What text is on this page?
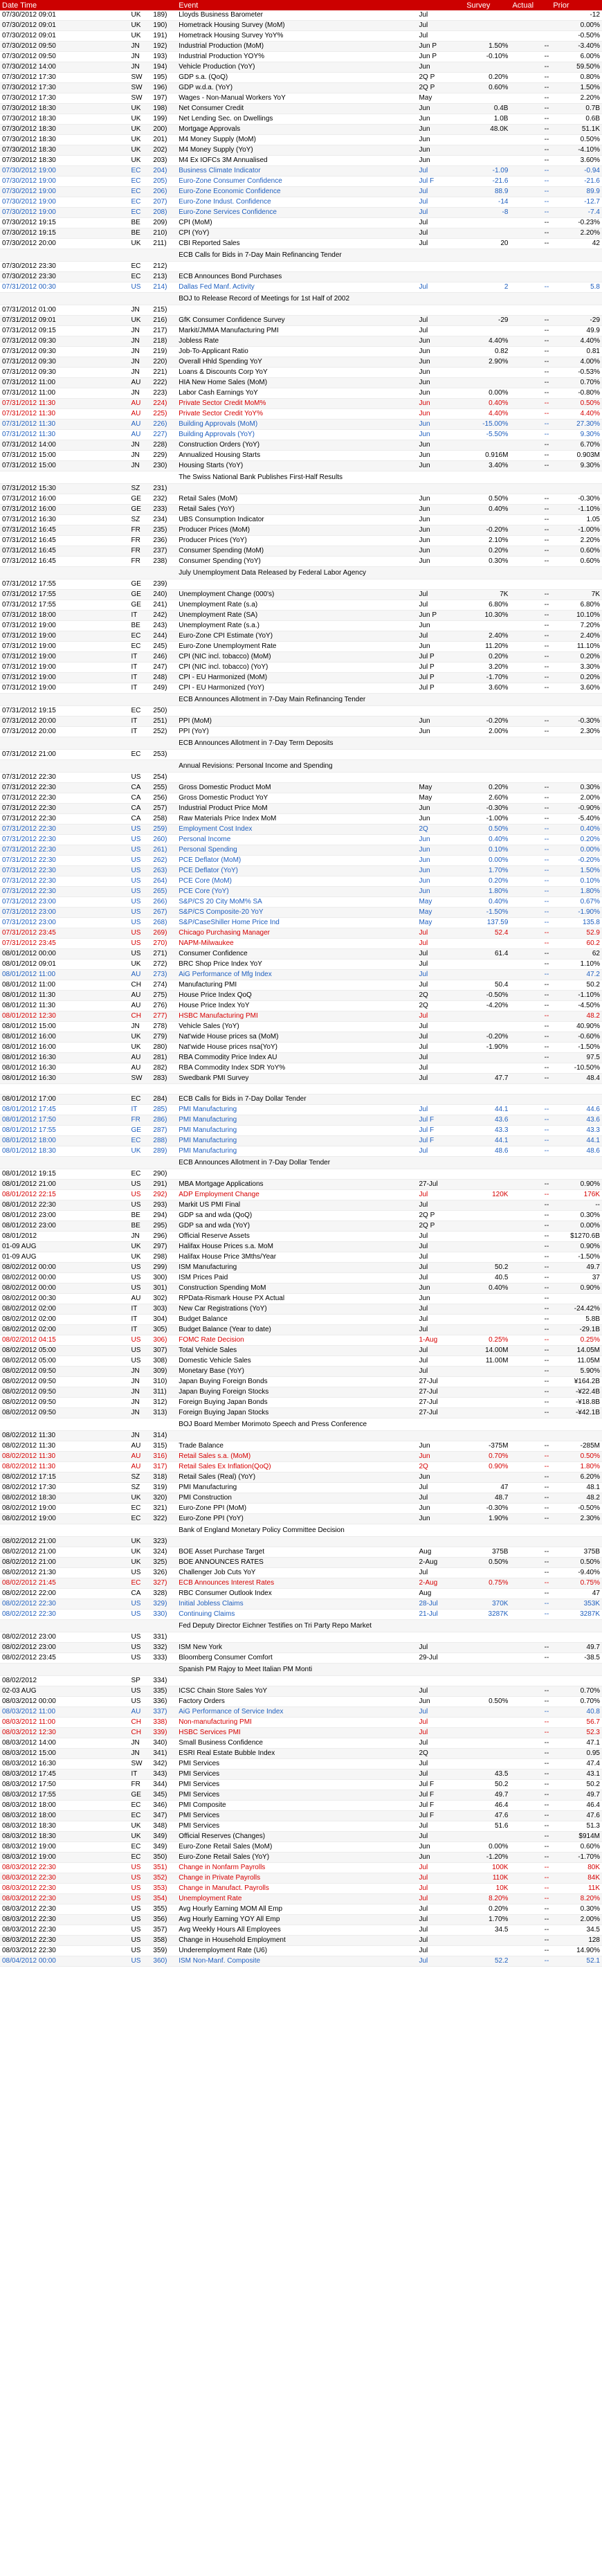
Date Time			Event		Survey	Actual	Prior
07/30/2012 09:01	UK	189)	Lloyds Business Barometer	Jul			-12
07/30/2012 09:01	UK	190)	Hometrack Housing Survey (MoM)	Jul			0.00%
07/30/2012 09:01	UK	191)	Hometrack Housing Survey YoY%	Jul			-0.50%
07/30/2012 09:50	JN	192)	Industrial Production (MoM)	Jun P	1.50%	--	-3.40%
07/30/2012 09:50	JN	193)	Industrial Production YOY%	Jun P	-0.10%	--	6.00%
07/30/2012 14:00	JN	194)	Vehicle Production (YoY)	Jun		--	59.50%
07/30/2012 17:30	SW	195)	GDP s.a. (QoQ)	2Q P	0.20%	--	0.80%
07/30/2012 17:30	SW	196)	GDP w.d.a. (YoY)	2Q P	0.60%	--	1.50%
07/30/2012 17:30	SW	197)	Wages - Non-Manual Workers YoY	May		--	2.20%
07/30/2012 18:30	UK	198)	Net Consumer Credit	Jun	0.4B	--	0.7B
07/30/2012 18:30	UK	199)	Net Lending Sec. on Dwellings	Jun	1.0B	--	0.6B
07/30/2012 18:30	UK	200)	Mortgage Approvals	Jun	48.0K	--	51.1K
07/30/2012 18:30	UK	201)	M4 Money Supply (MoM)	Jun		--	0.50%
07/30/2012 18:30	UK	202)	M4 Money Supply (YoY)	Jun		--	-4.10%
07/30/2012 18:30	UK	203)	M4 Ex IOFCs 3M Annualised	Jun		--	3.60%
07/30/2012 19:00	EC	204)	Business Climate Indicator	Jul	-1.09	--	-0.94
07/30/2012 19:00	EC	205)	Euro-Zone Consumer Confidence	Jul F	-21.6	--	-21.6
07/30/2012 19:00	EC	206)	Euro-Zone Economic Confidence	Jul	88.9	--	89.9
07/30/2012 19:00	EC	207)	Euro-Zone Indust. Confidence	Jul	-14	--	-12.7
07/30/2012 19:00	EC	208)	Euro-Zone Services Confidence	Jul	-8	--	-7.4
07/30/2012 19:15	BE	209)	CPI (MoM)	Jul		--	-0.23%
07/30/2012 19:15	BE	210)	CPI (YoY)	Jul		--	2.20%
07/30/2012 20:00	UK	211)	CBI Reported Sales	Jul	20	--	42
			ECB Calls for Bids in 7-Day Main Refinancing Tender				
07/30/2012 23:30	EC	212)					
07/30/2012 23:30	EC	213)	ECB Announces Bond Purchases				
07/31/2012 00:30	US	214)	Dallas Fed Manf. Activity	Jul	2	--	5.8
			BOJ to Release Record of Meetings for 1st Half of 2002				
07/31/2012 01:00	JN	215)					
07/31/2012 09:01	UK	216)	GfK Consumer Confidence Survey	Jul	-29	--	-29
07/31/2012 09:15	JN	217)	Markit/JMMA Manufacturing PMI	Jul		--	49.9
07/31/2012 09:30	JN	218)	Jobless Rate	Jun	4.40%	--	4.40%
07/31/2012 09:30	JN	219)	Job-To-Applicant Ratio	Jun	0.82	--	0.81
07/31/2012 09:30	JN	220)	Overall Hhld Spending YoY	Jun	2.90%	--	4.00%
07/31/2012 09:30	JN	221)	Loans & Discounts Corp YoY	Jun		--	-0.53%
07/31/2012 11:00	AU	222)	HIA New Home Sales (MoM)	Jun		--	0.70%
07/31/2012 11:00	JN	223)	Labor Cash Earnings YoY	Jun	0.00%	--	-0.80%
07/31/2012 11:30	AU	224)	Private Sector Credit MoM%	Jun	0.40%	--	0.50%
07/31/2012 11:30	AU	225)	Private Sector Credit YoY%	Jun	4.40%	--	4.40%
07/31/2012 11:30	AU	226)	Building Approvals (MoM)	Jun	-15.00%	--	27.30%
07/31/2012 11:30	AU	227)	Building Approvals (YoY)	Jun	-5.50%	--	9.30%
07/31/2012 14:00	JN	228)	Construction Orders (YoY)	Jun		--	6.70%
07/31/2012 15:00	JN	229)	Annualized Housing Starts	Jun	0.916M	--	0.903M
07/31/2012 15:00	JN	230)	Housing Starts (YoY)	Jun	3.40%	--	9.30%
			The Swiss National Bank Publishes First-Half Results				
07/31/2012 15:30	SZ	231)					
07/31/2012 16:00	GE	232)	Retail Sales (MoM)	Jun	0.50%	--	-0.30%
07/31/2012 16:00	GE	233)	Retail Sales (YoY)	Jun	0.40%	--	-1.10%
07/31/2012 16:30	SZ	234)	UBS Consumption Indicator	Jun		--	1.05
07/31/2012 16:45	FR	235)	Producer Prices (MoM)	Jun	-0.20%	--	-1.00%
07/31/2012 16:45	FR	236)	Producer Prices (YoY)	Jun	2.10%	--	2.20%
07/31/2012 16:45	FR	237)	Consumer Spending (MoM)	Jun	0.20%	--	0.60%
07/31/2012 16:45	FR	238)	Consumer Spending (YoY)	Jun	0.30%	--	0.60%
			July Unemployment Data Released by Federal Labor Agency				
07/31/2012 17:55	GE	239)					
07/31/2012 17:55	GE	240)	Unemployment Change (000's)	Jul	7K	--	7K
07/31/2012 17:55	GE	241)	Unemployment Rate (s.a)	Jul	6.80%	--	6.80%
07/31/2012 18:00	IT	242)	Unemployment Rate (SA)	Jun P	10.30%	--	10.10%
07/31/2012 19:00	BE	243)	Unemployment Rate (s.a.)	Jun		--	7.20%
07/31/2012 19:00	EC	244)	Euro-Zone CPI Estimate (YoY)	Jul	2.40%	--	2.40%
07/31/2012 19:00	EC	245)	Euro-Zone Unemployment Rate	Jun	11.20%	--	11.10%
07/31/2012 19:00	IT	246)	CPI (NIC incl. tobacco) (MoM)	Jul P	0.20%	--	0.20%
07/31/2012 19:00	IT	247)	CPI (NIC incl. tobacco) (YoY)	Jul P	3.20%	--	3.30%
07/31/2012 19:00	IT	248)	CPI - EU Harmonized (MoM)	Jul P	-1.70%	--	0.20%
07/31/2012 19:00	IT	249)	CPI - EU Harmonized (YoY)	Jul P	3.60%	--	3.60%
			ECB Announces Allotment in 7-Day Main Refinancing Tender				
07/31/2012 19:15	EC	250)					
07/31/2012 20:00	IT	251)	PPI (MoM)	Jun	-0.20%	--	-0.30%
07/31/2012 20:00	IT	252)	PPI (YoY)	Jun	2.00%	--	2.30%
			ECB Announces Allotment in 7-Day Term Deposits				
07/31/2012 21:00	EC	253)					
			Annual Revisions: Personal Income and Spending				
07/31/2012 22:30	US	254)					
07/31/2012 22:30	CA	255)	Gross Domestic Product MoM	May	0.20%	--	0.30%
07/31/2012 22:30	CA	256)	Gross Domestic Product YoY	May	2.60%	--	2.00%
07/31/2012 22:30	CA	257)	Industrial Product Price MoM	Jun	-0.30%	--	-0.90%
07/31/2012 22:30	CA	258)	Raw Materials Price Index MoM	Jun	-1.00%	--	-5.40%
07/31/2012 22:30	US	259)	Employment Cost Index	2Q	0.50%	--	0.40%
07/31/2012 22:30	US	260)	Personal Income	Jun	0.40%	--	0.20%
07/31/2012 22:30	US	261)	Personal Spending	Jun	0.10%	--	0.00%
07/31/2012 22:30	US	262)	PCE Deflator (MoM)	Jun	0.00%	--	-0.20%
07/31/2012 22:30	US	263)	PCE Deflator (YoY)	Jun	1.70%	--	1.50%
07/31/2012 22:30	US	264)	PCE Core (MoM)	Jun	0.20%	--	0.10%
07/31/2012 22:30	US	265)	PCE Core (YoY)	Jun	1.80%	--	1.80%
07/31/2012 23:00	US	266)	S&P/CS 20 City MoM% SA	May	0.40%	--	0.67%
07/31/2012 23:00	US	267)	S&P/CS Composite-20 YoY	May	-1.50%	--	-1.90%
07/31/2012 23:00	US	268)	S&P/CaseShiller Home Price Ind	May	137.59	--	135.8
07/31/2012 23:45	US	269)	Chicago Purchasing Manager	Jul	52.4	--	52.9
07/31/2012 23:45	US	270)	NAPM-Milwaukee	Jul		--	60.2
08/01/2012 00:00	US	271)	Consumer Confidence	Jul	61.4	--	62
08/01/2012 09:01	UK	272)	BRC Shop Price Index YoY	Jul		--	1.10%
08/01/2012 11:00	AU	273)	AiG Performance of Mfg Index	Jul		--	47.2
08/01/2012 11:00	CH	274)	Manufacturing PMI	Jul	50.4	--	50.2
08/01/2012 11:30	AU	275)	House Price Index QoQ	2Q	-0.50%	--	-1.10%
08/01/2012 11:30	AU	276)	House Price Index YoY	2Q	-4.20%	--	-4.50%
08/01/2012 12:30	CH	277)	HSBC Manufacturing PMI	Jul		--	48.2
08/01/2012 15:00	JN	278)	Vehicle Sales (YoY)	Jul		--	40.90%
08/01/2012 16:00	UK	279)	Nat'wide House prices sa (MoM)	Jul	-0.20%	--	-0.60%
08/01/2012 16:00	UK	280)	Nat'wide House prices nsa(YoY)	Jul	-1.90%	--	-1.50%
08/01/2012 16:30	AU	281)	RBA Commodity Price Index AU	Jul		--	97.5
08/01/2012 16:30	AU	282)	RBA Commodity Index SDR YoY%	Jul		--	-10.50%
08/01/2012 16:30	SW	283)	Swedbank PMI Survey	Jul	47.7	--	48.4

08/01/2012 17:00	EC	284)	ECB Calls for Bids in 7-Day Dollar Tender				
08/01/2012 17:45	IT	285)	PMI Manufacturing	Jul	44.1	--	44.6
08/01/2012 17:50	FR	286)	PMI Manufacturing	Jul F	43.6	--	43.6
08/01/2012 17:55	GE	287)	PMI Manufacturing	Jul F	43.3	--	43.3
08/01/2012 18:00	EC	288)	PMI Manufacturing	Jul F	44.1	--	44.1
08/01/2012 18:30	UK	289)	PMI Manufacturing	Jul	48.6	--	48.6
			ECB Announces Allotment in 7-Day Dollar Tender				
08/01/2012 19:15	EC	290)					
08/01/2012 21:00	US	291)	MBA Mortgage Applications	27-Jul		--	0.90%
08/01/2012 22:15	US	292)	ADP Employment Change	Jul	120K	--	176K
08/01/2012 22:30	US	293)	Markit US PMI Final	Jul		--	--
08/01/2012 23:00	BE	294)	GDP sa and wda (QoQ)	2Q P		--	0.30%
08/01/2012 23:00	BE	295)	GDP sa and wda (YoY)	2Q P		--	0.00%
08/01/2012	JN	296)	Official Reserve Assets	Jul		--	$1270.6B
01-09 AUG	UK	297)	Halifax House Prices s.a. MoM	Jul		--	0.90%
01-09 AUG	UK	298)	Halifax House Price 3Mths/Year	Jul		--	-1.50%
08/02/2012 00:00	US	299)	ISM Manufacturing	Jul	50.2	--	49.7
08/02/2012 00:00	US	300)	ISM Prices Paid	Jul	40.5	--	37
08/02/2012 00:00	US	301)	Construction Spending MoM	Jun	0.40%	--	0.90%
08/02/2012 00:30	AU	302)	RPData-Rismark House PX Actual	Jun		--	
08/02/2012 02:00	IT	303)	New Car Registrations (YoY)	Jul		--	-24.42%
08/02/2012 02:00	IT	304)	Budget Balance	Jul		--	5.8B
08/02/2012 02:00	IT	305)	Budget Balance (Year to date)	Jul		--	-29.1B
08/02/2012 04:15	US	306)	FOMC Rate Decision	1-Aug	0.25%	--	0.25%
08/02/2012 05:00	US	307)	Total Vehicle Sales	Jul	14.00M	--	14.05M
08/02/2012 05:00	US	308)	Domestic Vehicle Sales	Jul	11.00M	--	11.05M
08/02/2012 09:50	JN	309)	Monetary Base (YoY)	Jul		--	5.90%
08/02/2012 09:50	JN	310)	Japan Buying Foreign Bonds	27-Jul		--	¥164.2B
08/02/2012 09:50	JN	311)	Japan Buying Foreign Stocks	27-Jul		--	-¥22.4B
08/02/2012 09:50	JN	312)	Foreign Buying Japan Bonds	27-Jul		--	-¥18.8B
08/02/2012 09:50	JN	313)	Foreign Buying Japan Stocks	27-Jul		--	-¥42.1B
			BOJ Board Member Morimoto Speech and Press Conference				
08/02/2012 11:30	JN	314)					
08/02/2012 11:30	AU	315)	Trade Balance	Jun	-375M	--	-285M
08/02/2012 11:30	AU	316)	Retail Sales s.a. (MoM)	Jun	0.70%	--	0.50%
08/02/2012 11:30	AU	317)	Retail Sales Ex Inflation(QoQ)	2Q	0.90%	--	1.80%
08/02/2012 17:15	SZ	318)	Retail Sales (Real) (YoY)	Jun		--	6.20%
08/02/2012 17:30	SZ	319)	PMI Manufacturing	Jul	47	--	48.1
08/02/2012 18:30	UK	320)	PMI Construction	Jul	48.7	--	48.2
08/02/2012 19:00	EC	321)	Euro-Zone PPI (MoM)	Jun	-0.30%	--	-0.50%
08/02/2012 19:00	EC	322)	Euro-Zone PPI (YoY)	Jun	1.90%	--	2.30%
			Bank of England Monetary Policy Committee Decision				
08/02/2012 21:00	UK	323)					
08/02/2012 21:00	UK	324)	BOE Asset Purchase Target	Aug	375B	--	375B
08/02/2012 21:00	UK	325)	BOE ANNOUNCES RATES	2-Aug	0.50%	--	0.50%
08/02/2012 21:30	US	326)	Challenger Job Cuts YoY	Jul		--	-9.40%
08/02/2012 21:45	EC	327)	ECB Announces Interest Rates	2-Aug	0.75%	--	0.75%
08/02/2012 22:00	CA	328)	RBC Consumer Outlook Index	Aug		--	47
08/02/2012 22:30	US	329)	Initial Jobless Claims	28-Jul	370K	--	353K
08/02/2012 22:30	US	330)	Continuing Claims	21-Jul	3287K	--	3287K
			Fed Deputy Director Eichner Testifies on Tri Party Repo Market				
08/02/2012 23:00	US	331)					
08/02/2012 23:00	US	332)	ISM New York	Jul		--	49.7
08/02/2012 23:45	US	333)	Bloomberg Consumer Comfort	29-Jul		--	-38.5
			Spanish PM Rajoy to Meet Italian PM Monti				
08/02/2012	SP	334)					
02-03 AUG	US	335)	ICSC Chain Store Sales YoY	Jul		--	0.70%
08/03/2012 00:00	US	336)	Factory Orders	Jun	0.50%	--	0.70%
08/03/2012 11:00	AU	337)	AiG Performance of Service Index	Jul		--	40.8
08/03/2012 11:00	CH	338)	Non-manufacturing PMI	Jul		--	56.7
08/03/2012 12:30	CH	339)	HSBC Services PMI	Jul		--	52.3
08/03/2012 14:00	JN	340)	Small Business Confidence	Jul		--	47.1
08/03/2012 15:00	JN	341)	ESRI Real Estate Bubble Index	2Q		--	0.95
08/03/2012 16:30	SW	342)	PMI Services	Jul		--	47.4
08/03/2012 17:45	IT	343)	PMI Services	Jul	43.5	--	43.1
08/03/2012 17:50	FR	344)	PMI Services	Jul F	50.2	--	50.2
08/03/2012 17:55	GE	345)	PMI Services	Jul F	49.7	--	49.7
08/03/2012 18:00	EC	346)	PMI Composite	Jul F	46.4	--	46.4
08/03/2012 18:00	EC	347)	PMI Services	Jul F	47.6	--	47.6
08/03/2012 18:30	UK	348)	PMI Services	Jul	51.6	--	51.3
08/03/2012 18:30	UK	349)	Official Reserves (Changes)	Jul		--	$914M
08/03/2012 19:00	EC	349)	Euro-Zone Retail Sales (MoM)	Jun	0.00%	--	0.60%
08/03/2012 19:00	EC	350)	Euro-Zone Retail Sales (YoY)	Jun	-1.20%	--	-1.70%
08/03/2012 22:30	US	351)	Change in Nonfarm Payrolls	Jul	100K	--	80K
08/03/2012 22:30	US	352)	Change in Private Payrolls	Jul	110K	--	84K
08/03/2012 22:30	US	353)	Change in Manufact. Payrolls	Jul	10K	--	11K
08/03/2012 22:30	US	354)	Unemployment Rate	Jul	8.20%	--	8.20%
08/03/2012 22:30	US	355)	Avg Hourly Earning MOM All Emp	Jul	0.20%	--	0.30%
08/03/2012 22:30	US	356)	Avg Hourly Earning YOY All Emp	Jul	1.70%	--	2.00%
08/03/2012 22:30	US	357)	Avg Weekly Hours All Employees	Jul	34.5	--	34.5
08/03/2012 22:30	US	358)	Change in Household Employment	Jul		--	128
08/03/2012 22:30	US	359)	Underemployment Rate (U6)	Jul		--	14.90%
08/04/2012 00:00	US	360)	ISM Non-Manf. Composite	Jul	52.2	--	52.1
